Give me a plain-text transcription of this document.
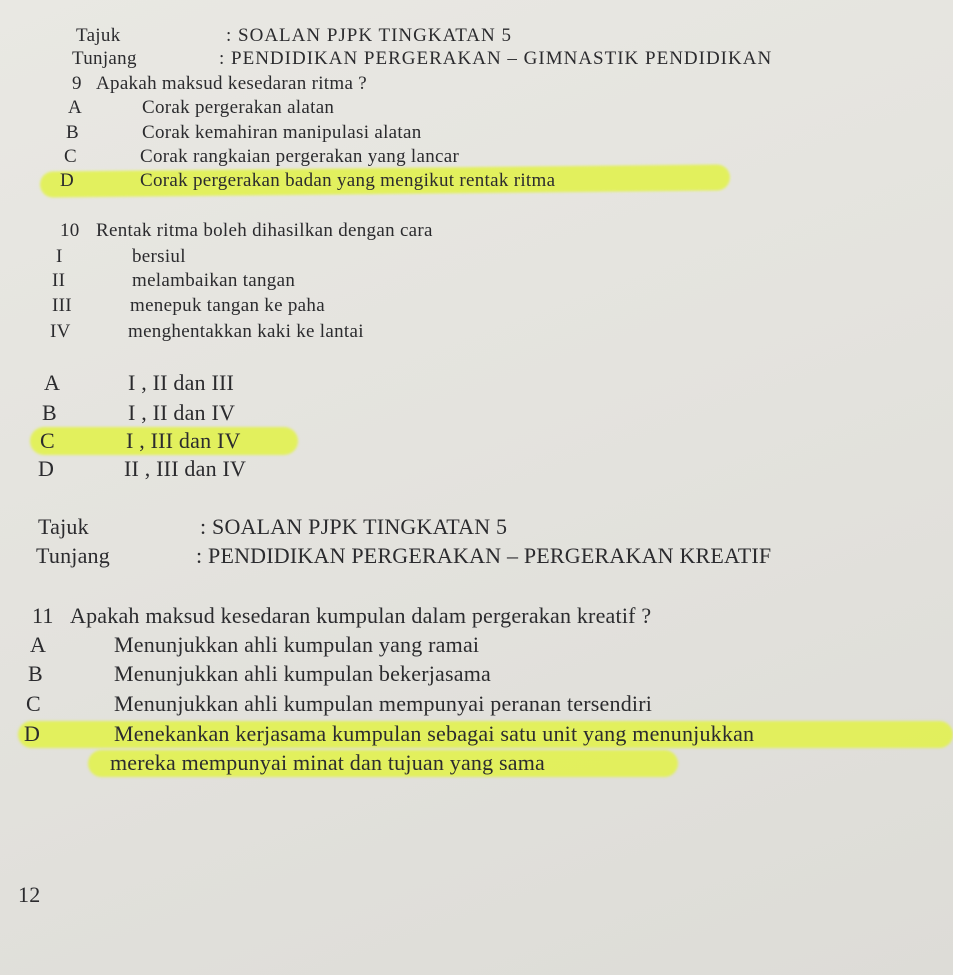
Tajuk	: SOALAN PJPK TINGKATAN 5
Tunjang	: PENDIDIKAN PERGERAKAN – GIMNASTIK PENDIDIKAN
9 Apakah maksud kesedaran ritma ?
A	Corak pergerakan alatan
B	Corak kemahiran manipulasi alatan
C	Corak rangkaian pergerakan yang lancar
D	Corak pergerakan badan yang mengikut rentak ritma
10 Rentak ritma boleh dihasilkan dengan cara
I	bersiul
II	melambaikan tangan
III	menepuk tangan ke paha
IV	menghentakkan kaki ke lantai
A	I , II dan III
B	I , II dan IV
C	I , III dan IV
D	II , III dan IV
Tajuk	: SOALAN PJPK TINGKATAN 5
Tunjang	: PENDIDIKAN PERGERAKAN – PERGERAKAN KREATIF
11 Apakah maksud kesedaran kumpulan dalam pergerakan kreatif ?
A	Menunjukkan ahli kumpulan yang ramai
B	Menunjukkan ahli kumpulan bekerjasama
C	Menunjukkan ahli kumpulan mempunyai peranan tersendiri
D	Menekankan kerjasama kumpulan sebagai satu unit yang menunjukkan
mereka mempunyai minat dan tujuan yang sama
12
